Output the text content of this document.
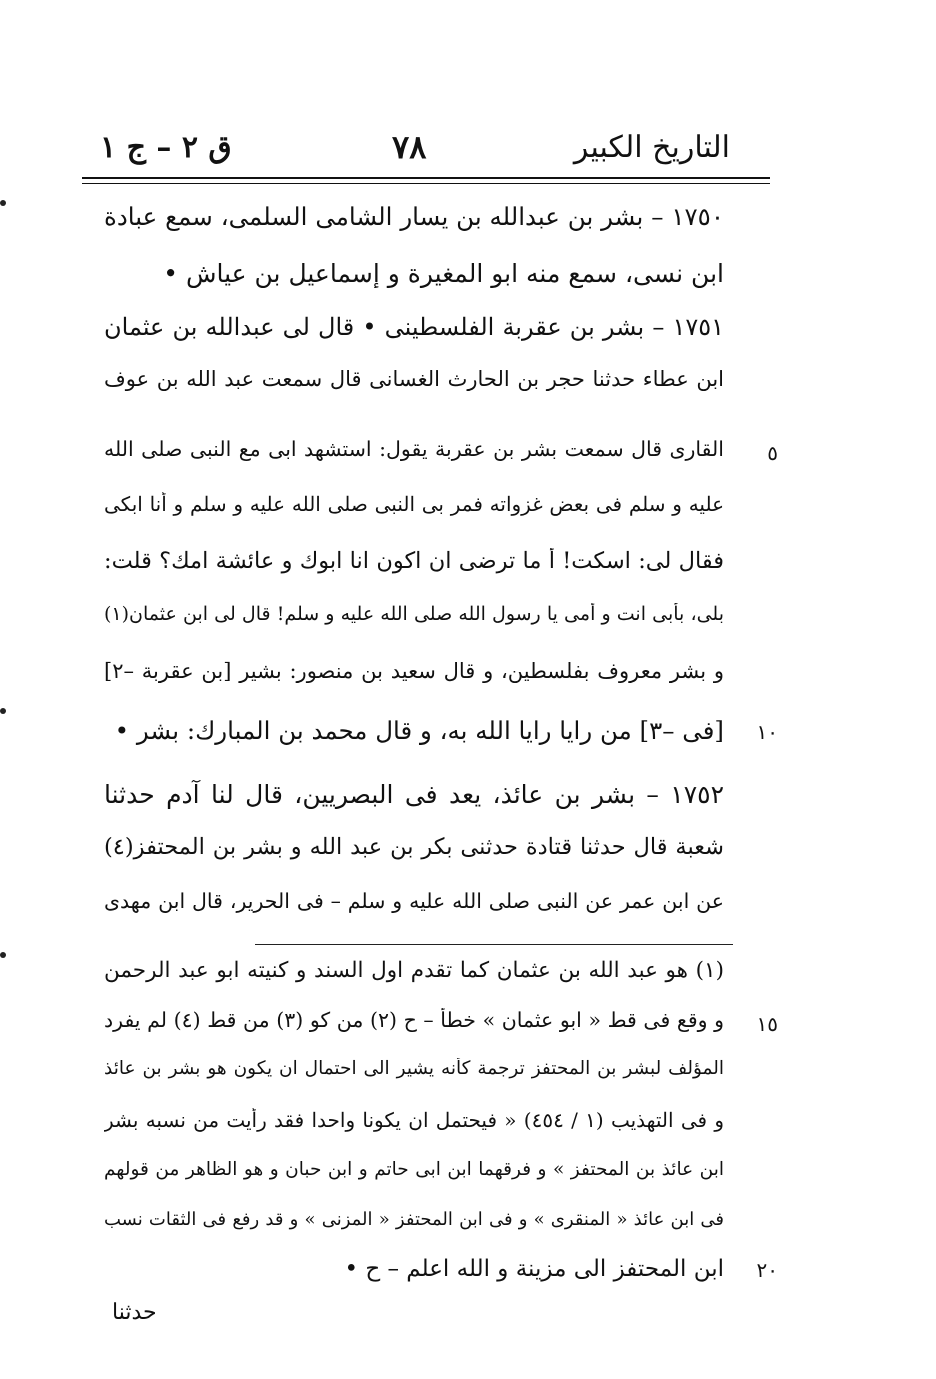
التاريخ الكبير
٧٨
ق ٢ – ج ١
١٧٥٠ – بشر بن عبدالله بن يسار الشامى السلمى، سمع عبادة
ابن نسى، سمع منه ابو المغيرة و إسماعيل بن عياش •
١٧٥١ – بشر بن عقربة الفلسطينى • قال لى عبدالله بن عثمان
ابن عطاء حدثنا حجر بن الحارث الغسانى قال سمعت عبد الله بن عوف
القارى قال سمعت بشر بن عقربة يقول: استشهد ابى مع النبى صلى الله	٥
عليه و سلم فى بعض غزواته فمر بى النبى صلى الله عليه و سلم و أنا ابكى
فقال لى: اسكت! أ ما ترضى ان اكون انا ابوك و عائشة امك؟ قلت:
بلى، بأبى انت و أمى يا رسول الله صلى الله عليه و سلم! قال لى ابن عثمان(١)
و بشر معروف بفلسطين، و قال سعيد بن منصور: بشير [بن عقربة –٢]
[فى –٣] من رايا رايا الله به، و قال محمد بن المبارك: بشر •	١٠
١٧٥٢ – بشر بن عائذ، يعد فى البصريين، قال لنا آدم حدثنا
شعبة قال حدثنا قتادة حدثنى بكر بن عبد الله و بشر بن المحتفز(٤)
عن ابن عمر عن النبى صلى الله عليه و سلم – فى الحرير، قال ابن مهدى
(١) هو عبد الله بن عثمان كما تقدم اول السند و كنيته ابو عبد الرحمن
و وقع فى قط « ابو عثمان » خطأ – ح (٢) من كو (٣) من قط (٤) لم يفرد	١٥
المؤلف لبشر بن المحتفز ترجمة كأنه يشير الى احتمال ان يكون هو بشر بن عائذ
و فى التهذيب (١ / ٤٥٤) « فيحتمل ان يكونا واحدا فقد رأيت من نسبه بشر
ابن عائذ بن المحتفز » و فرقهما ابن ابى حاتم و ابن حبان و هو الظاهر من قولهم
فى ابن عائذ « المنقرى » و فى ابن المحتفز « المزنى » و قد رفع فى الثقات نسب
ابن المحتفز الى مزينة و الله اعلم – ح •	٢٠
حدثنا
